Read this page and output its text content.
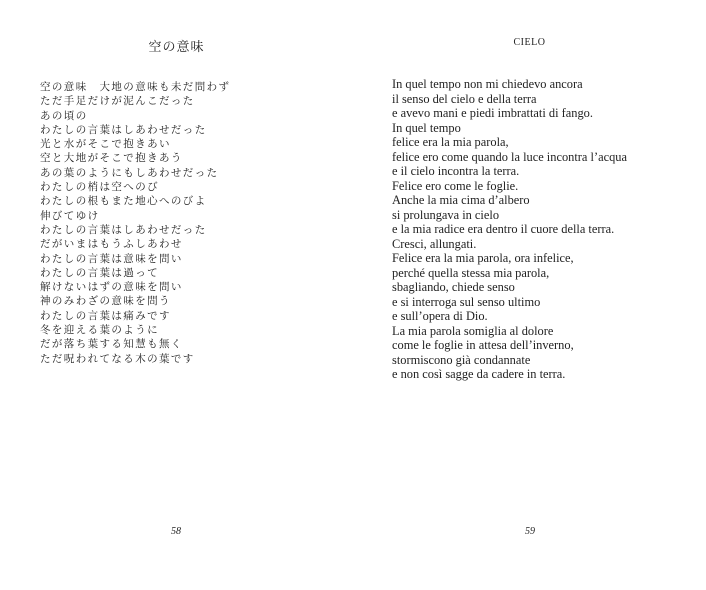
空の意味
空の意味　大地の意味も未だ問わず
ただ手足だけが泥んこだった
あの頃の
わたしの言葉はしあわせだった
光と水がそこで抱きあい
空と大地がそこで抱きあう
あの葉のようにもしあわせだった
わたしの梢は空へのび
わたしの根もまた地心へのびよ
伸びてゆけ
わたしの言葉はしあわせだった
だがいまはもうふしあわせ
わたしの言葉は意味を問い
わたしの言葉は過って
解けないはずの意味を問い
神のみわざの意味を問う
わたしの言葉は痛みです
冬を迎える葉のように
だが落ち葉する知慧も無く
ただ呪われてなる木の葉です

58

CIELO
In quel tempo non mi chiedevo ancora
il senso del cielo e della terra
e avevo mani e piedi imbrattati di fango.
In quel tempo
felice era la mia parola,
felice ero come quando la luce incontra l’acqua
e il cielo incontra la terra.
Felice ero come le foglie.
Anche la mia cima d’albero
si prolungava in cielo
e la mia radice era dentro il cuore della terra.
Cresci, allungati.
Felice era la mia parola, ora infelice,
perché quella stessa mia parola,
sbagliando, chiede senso
e si interroga sul senso ultimo
e sull’opera di Dio.
La mia parola somiglia al dolore
come le foglie in attesa dell’inverno,
stormiscono già condannate
e non così sagge da cadere in terra.

59
